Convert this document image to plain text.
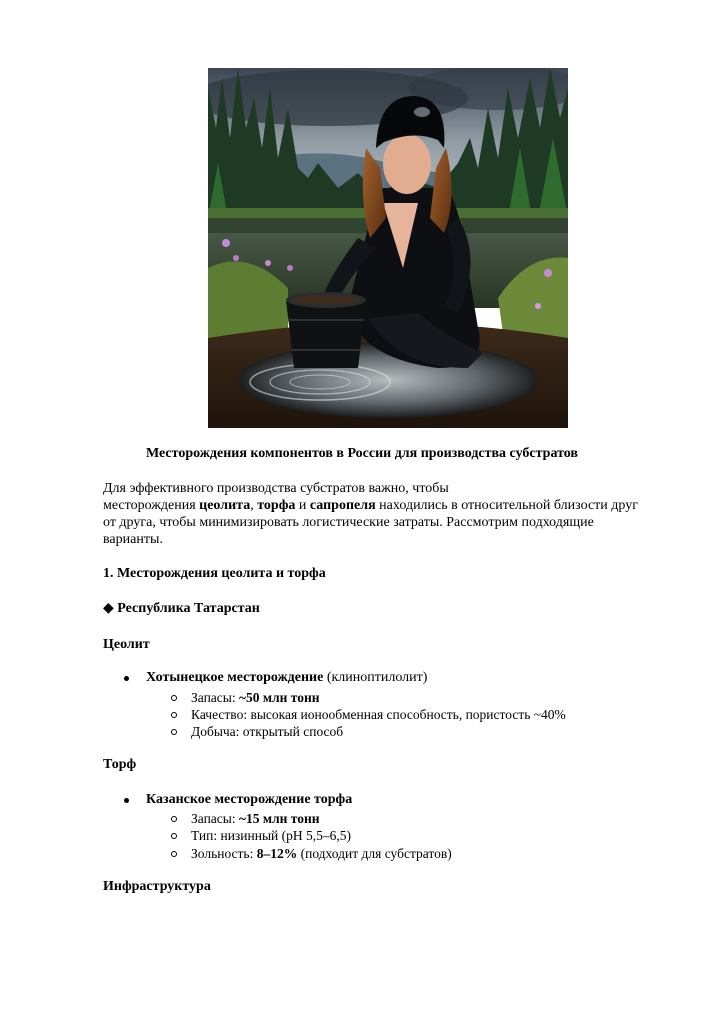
Месторождения компонентов в России для производства субстратов

Для эффективного производства субстратов важно, чтобы
месторождения цеолита, торфа и сапропеля находились в относительной близости друг
от друга, чтобы минимизировать логистические затраты. Рассмотрим подходящие
варианты.

1. Месторождения цеолита и торфа

◆ Республика Татарстан

Цеолит

Хотынецкое месторождение (клиноптилолит)
Запасы: ~50 млн тонн
Качество: высокая ионообменная способность, пористость ~40%
Добыча: открытый способ

Торф

Казанское месторождение торфа
Запасы: ~15 млн тонн
Тип: низинный (pH 5,5–6,5)
Зольность: 8–12% (подходит для субстратов)

Инфраструктура
